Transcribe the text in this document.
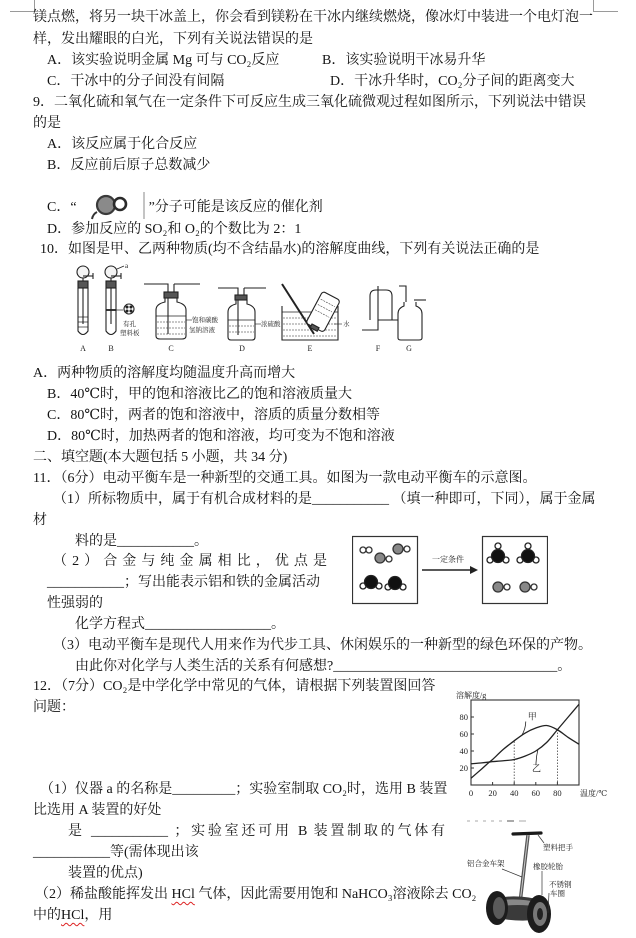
镁点燃，将另一块干冰盖上，你会看到镁粉在干冰内继续燃烧，像冰灯中装进一个电灯泡一
样，发出耀眼的白光，下列有关说法错误的是
A．该实验说明金属 Mg 可与 CO₂反应	B．该实验说明干冰易升华
C．干冰中的分子间没有间隔	D．干冰升华时，CO₂分子间的距离变大
9．二氧化硫和氧气在一定条件下可反应生成三氧化硫微观过程如图所示，下列说法中错误
的是
A．该反应属于化合反应
B．反应前后原子总数减少
C．“	”分子可能是该反应的催化剂
D．参加反应的 SO₂和 O₂的个数比为 2：1
10．如图是甲、乙两种物质(均不含结晶水)的溶解度曲线，下列有关说法正确的是
A	B	C	D	E	F	G
a
有孔
塑料板
饱和碳酸
氢钠溶液
浓硫酸	水
A．两种物质的溶解度均随温度升高而增大
B．40℃时，甲的饱和溶液比乙的饱和溶液质量大
C．80℃时，两者的饱和溶液中，溶质的质量分数相等
D．80℃时，加热两者的饱和溶液，均可变为不饱和溶液
二、填空题(本大题包括 5 小题，共 34 分)
11．（6分）电动平衡车是一种新型的交通工具。如图为一款电动平衡车的示意图。
（1）所标物质中，属于有机合成材料的是___________ （填一种即可，下同），属于金属
材
料的是___________。
（2）合金与纯金属相比，优点是
___________；写出能表示铝和铁的金属活动
性强弱的
化学方程式__________________。
（3）电动平衡车是现代人用来作为代步工具、休闲娱乐的一种新型的绿色环保的产物。
由此你对化学与人类生活的关系有何感想?________________________________。
一定条件
12．（7分）CO₂是中学化学中常见的气体，请根据下列装置图回答
问题：
20
40
60
80
0 20 40 60 80
溶解度/g
温度/℃
甲
乙
（1）仪器 a 的名称是_________；实验室制取 CO₂时，选用 B 装置
比选用 A 装置的好处
是 ___________ ；实验室还可用 B 装置制取的气体有
___________等(需体现出该
装置的优点)
（2）稀盐酸能挥发出 HCl 气体，因此需要用饱和 NaHCO₃溶液除去 CO₂
中的HCl，用
塑料把手
铝合金车架	橡胶轮胎
不锈钢
车圈
